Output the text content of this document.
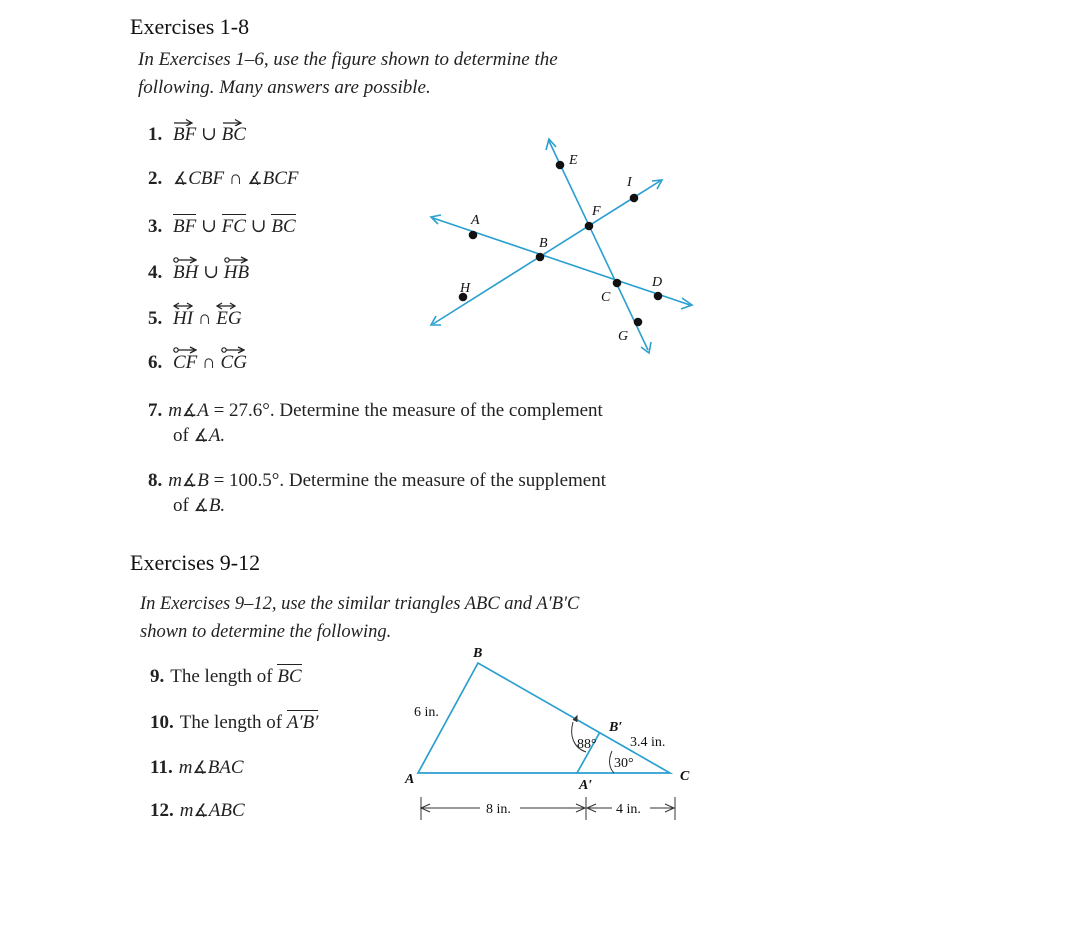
Exercises 1-8
In Exercises 1–6, use the figure shown to determine the
following. Many answers are possible.
1. BF ∪ BC
2. ∡CBF ∩ ∡BCF
3. BF ∪ FC ∪ BC
4. BH ∪ HB
5. HI ∩ EG
6. CF ∩ CG
7. m∡A = 27.6°. Determine the measure of the complement
of ∡A.
8. m∡B = 100.5°. Determine the measure of the supplement
of ∡B.
E
I
F
A
B
H
C
D
G
Exercises 9-12
In Exercises 9–12, use the similar triangles ABC and A′B′C
shown to determine the following.
9. The length of BC
10. The length of A′B′
11. m∡BAC
12. m∡ABC
B
A	C
B′
A′
6 in.
3.4 in.
88°
30°
8 in.	4 in.
